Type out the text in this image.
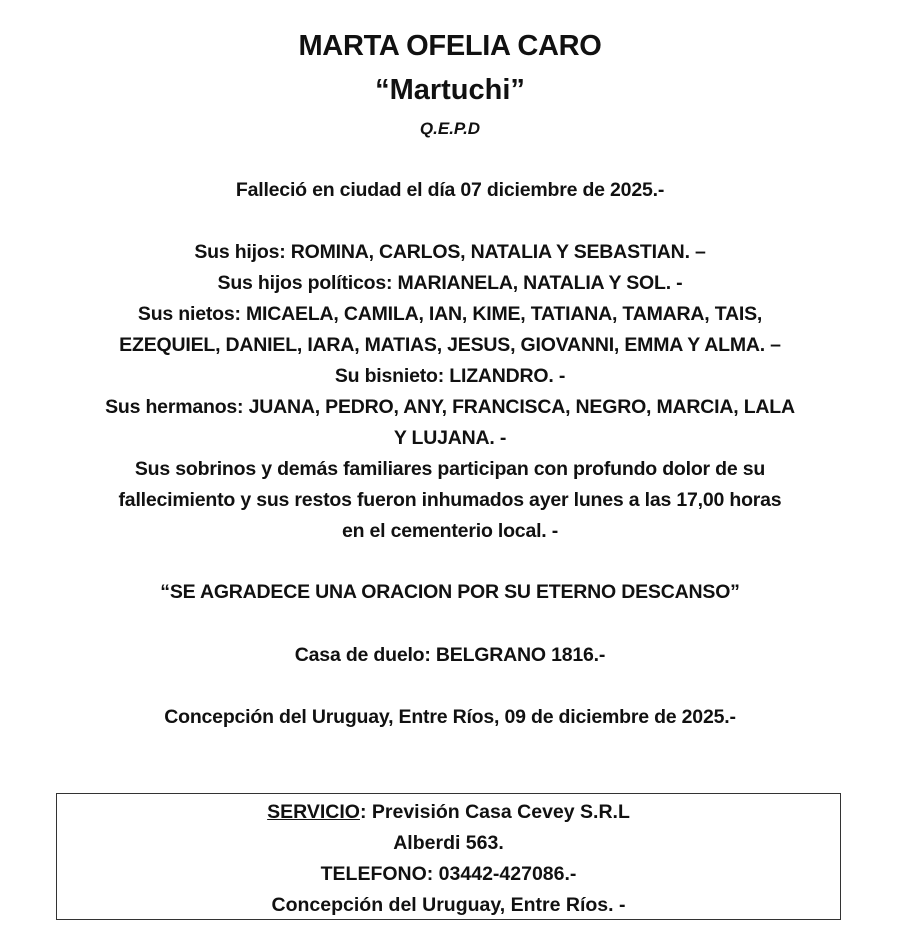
MARTA OFELIA CARO
“Martuchi”
Q.E.P.D
Falleció en ciudad el día 07 diciembre de 2025.-
Sus hijos: ROMINA, CARLOS, NATALIA Y SEBASTIAN. –
Sus hijos políticos: MARIANELA, NATALIA Y SOL. -
Sus nietos: MICAELA, CAMILA, IAN, KIME, TATIANA, TAMARA, TAIS,
EZEQUIEL, DANIEL, IARA, MATIAS, JESUS, GIOVANNI, EMMA Y ALMA. –
Su bisnieto: LIZANDRO. -
Sus hermanos: JUANA, PEDRO, ANY, FRANCISCA, NEGRO, MARCIA, LALA
Y LUJANA. -
Sus sobrinos y demás familiares participan con profundo dolor de su
fallecimiento y sus restos fueron inhumados ayer lunes a las 17,00 horas
en el cementerio local. -
“SE AGRADECE UNA ORACION POR SU ETERNO DESCANSO”
Casa de duelo: BELGRANO 1816.-
Concepción del Uruguay, Entre Ríos, 09 de diciembre de 2025.-
SERVICIO: Previsión Casa Cevey S.R.L
Alberdi 563.
TELEFONO: 03442-427086.-
Concepción del Uruguay, Entre Ríos. -
